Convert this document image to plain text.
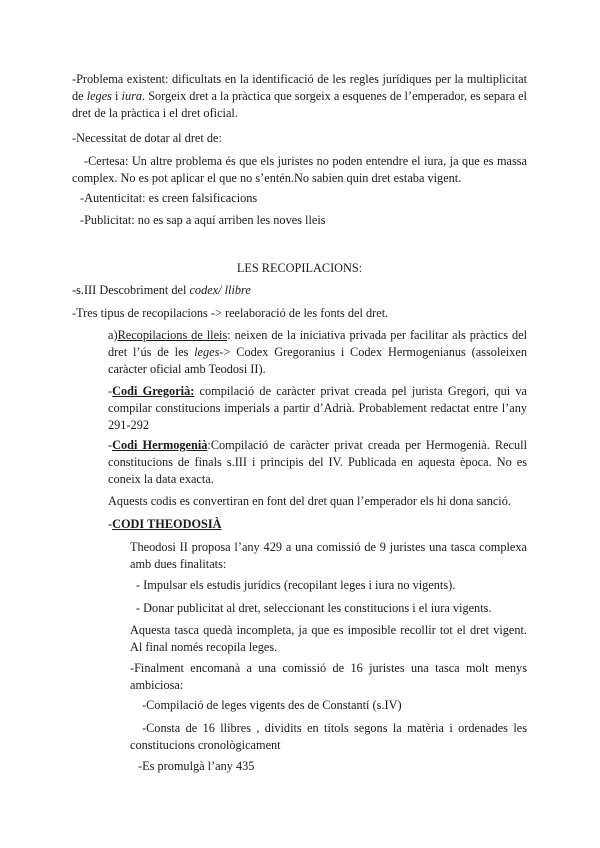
-Problema existent: dificultats en la identificació de les regles jurídiques per la multiplicitat de leges i iura. Sorgeix dret a la pràctica que sorgeix a esquenes de l’emperador, es separa el dret de la pràctica i el dret oficial.

-Necessitat de dotar al dret de:

-Certesa: Un altre problema és que els juristes no poden entendre el iura, ja que es massa complex. No es pot aplicar el que no s’entén.No sabien quin dret estaba vigent.

-Autenticitat: es creen falsificacions

-Publicitat: no es sap a aquí arriben les noves lleis

LES RECOPILACIONS:

-s.III Descobriment del codex/ llibre

-Tres tipus de recopilacions -> reelaboració de les fonts del dret.

a)Recopilacions de lleis: neixen de la iniciativa privada per facilitar als pràctics del dret l’ús de les leges-> Codex Gregoranius i Codex Hermogenianus (assoleixen caràcter oficial amb Teodosi II).

-Codi Gregorià: compilació de caràcter privat creada pel jurista Gregori, qui va compilar constitucions imperials a partir d’Adrià. Probablement redactat entre l’any 291-292

-Codi Hermogenià:Compilació de caràcter privat creada per Hermogenià. Recull constitucions de finals s.III i principis del IV. Publicada en aquesta època. No es coneix la data exacta.

Aquests codis es convertiran en font del dret quan l’emperador els hi dona sanció.

-CODI THEODOSIÀ

Theodosi II proposa l’any 429 a una comissió de 9 juristes una tasca complexa amb dues finalitats:

- Impulsar els estudis jurídics (recopilant leges i iura no vigents).

- Donar publicitat al dret, seleccionant les constitucions i el iura vigents.

Aquesta tasca quedà incompleta, ja que es imposible recollir tot el dret vigent. Al final només recopila leges.

-Finalment encomanà a una comissió de 16 juristes una tasca molt menys ambiciosa:

-Compilació de leges vigents des de Constantí (s.IV)

-Consta de 16 llibres , dividits en títols segons la matèria i ordenades les constitucions cronològicament

-Es promulgà l’any 435
